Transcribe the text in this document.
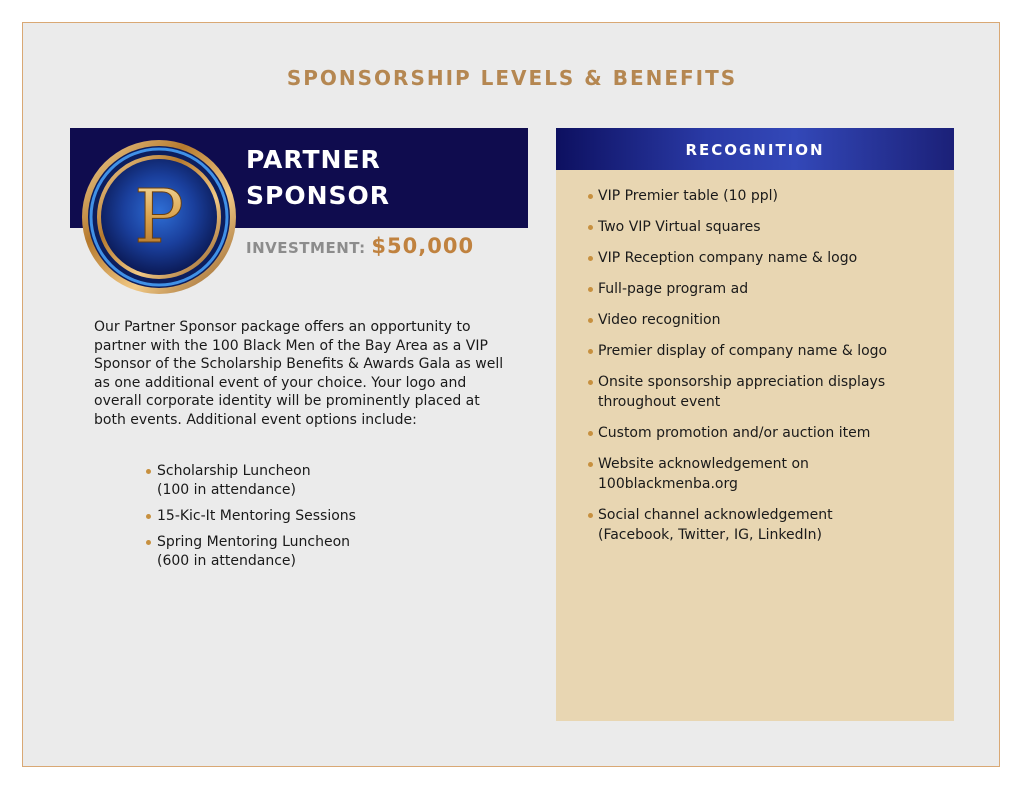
SPONSORSHIP LEVELS & BENEFITS
P
PARTNER
SPONSOR
INVESTMENT: $50,000
Our Partner Sponsor package offers an opportunity to partner with the 100 Black Men of the Bay Area as a VIP Sponsor of the Scholarship Benefits & Awards Gala as well as one additional event of your choice. Your logo and overall corporate identity will be prominently placed at both events. Additional event options include:
Scholarship Luncheon
(100 in attendance)
15-Kic-It Mentoring Sessions
Spring Mentoring Luncheon
(600 in attendance)
RECOGNITION
VIP Premier table (10 ppl)
Two VIP Virtual squares
VIP Reception company name & logo
Full-page program ad
Video recognition
Premier display of company name & logo
Onsite sponsorship appreciation displays
throughout event
Custom promotion and/or auction item
Website acknowledgement on
100blackmenba.org
Social channel acknowledgement
(Facebook, Twitter, IG, LinkedIn)
